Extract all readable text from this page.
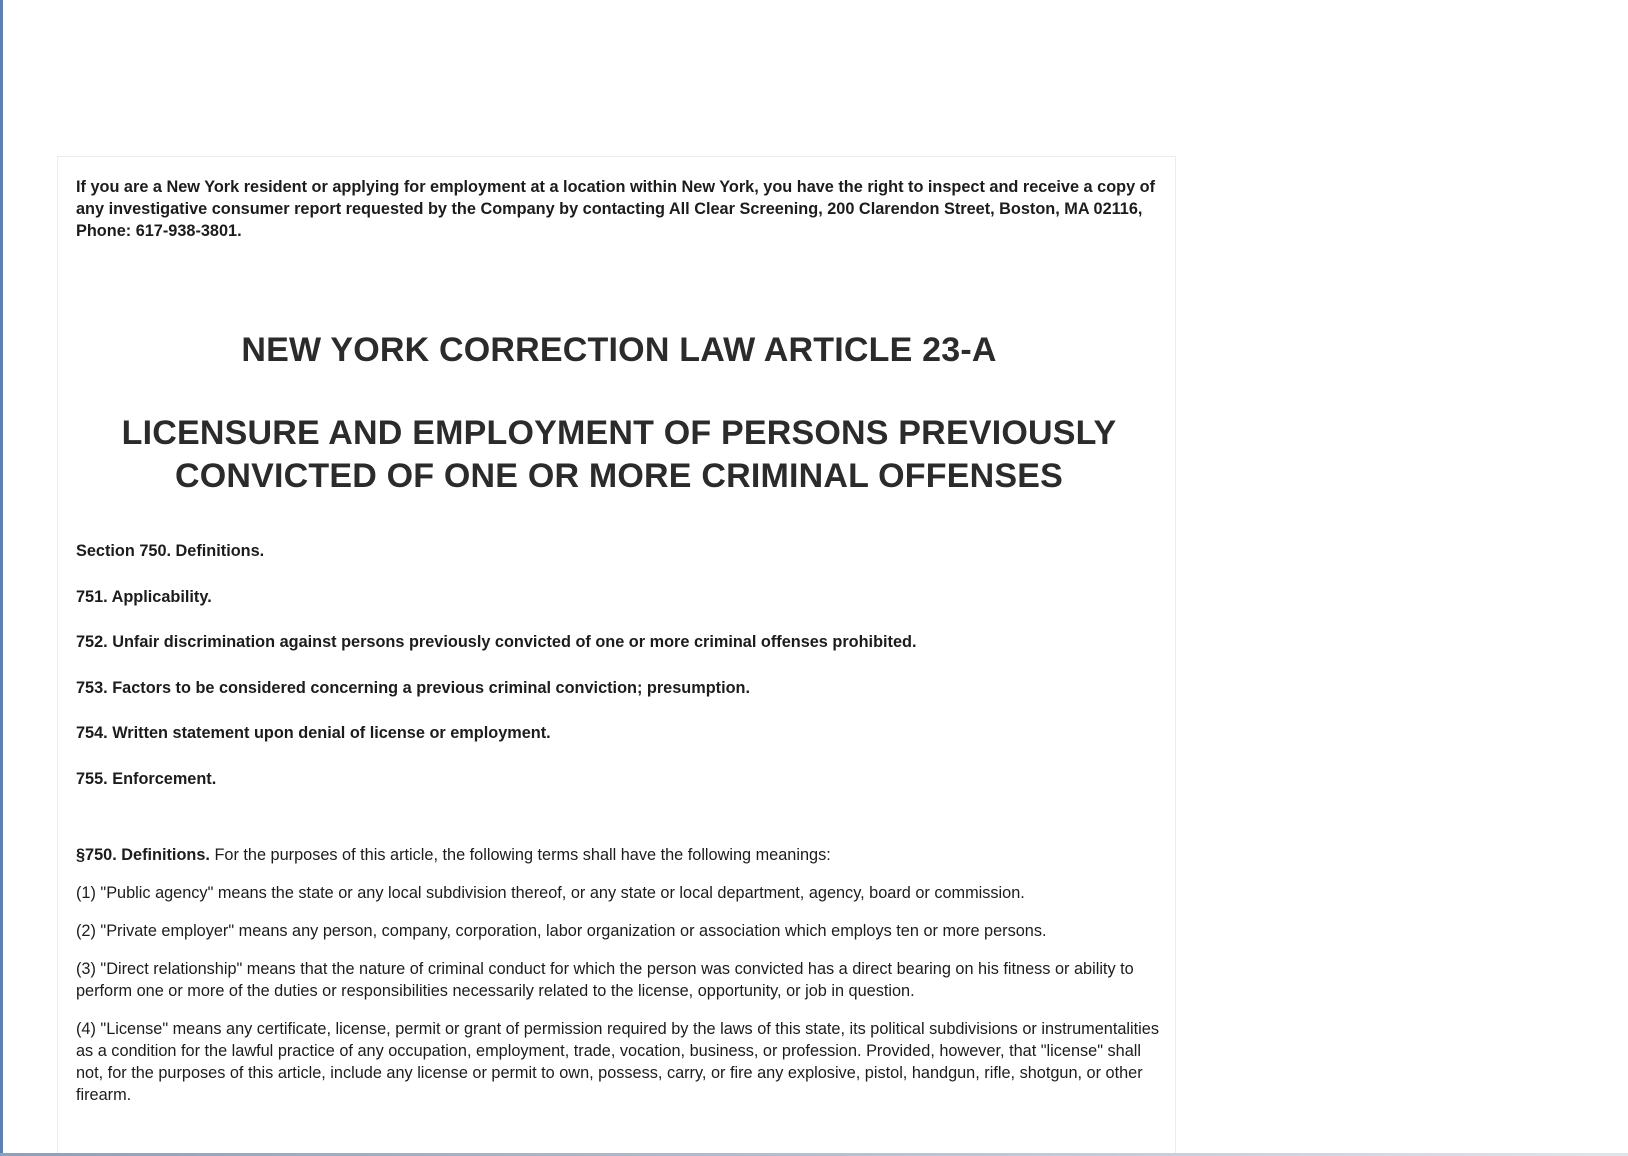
If you are a New York resident or applying for employment at a location within New York, you have the right to inspect and receive a copy of any investigative consumer report requested by the Company by contacting All Clear Screening, 200 Clarendon Street, Boston, MA 02116, Phone: 617-938-3801.

NEW YORK CORRECTION LAW ARTICLE 23-A
LICENSURE AND EMPLOYMENT OF PERSONS PREVIOUSLY CONVICTED OF ONE OR MORE CRIMINAL OFFENSES

Section 750. Definitions.

751. Applicability.

752. Unfair discrimination against persons previously convicted of one or more criminal offenses prohibited.

753. Factors to be considered concerning a previous criminal conviction; presumption.

754. Written statement upon denial of license or employment.

755. Enforcement.

§750. Definitions. For the purposes of this article, the following terms shall have the following meanings:
(1) "Public agency" means the state or any local subdivision thereof, or any state or local department, agency, board or commission.
(2) "Private employer" means any person, company, corporation, labor organization or association which employs ten or more persons.
(3) "Direct relationship" means that the nature of criminal conduct for which the person was convicted has a direct bearing on his fitness or ability to perform one or more of the duties or responsibilities necessarily related to the license, opportunity, or job in question.
(4) "License" means any certificate, license, permit or grant of permission required by the laws of this state, its political subdivisions or instrumentalities as a condition for the lawful practice of any occupation, employment, trade, vocation, business, or profession. Provided, however, that "license" shall not, for the purposes of this article, include any license or permit to own, possess, carry, or fire any explosive, pistol, handgun, rifle, shotgun, or other firearm.
